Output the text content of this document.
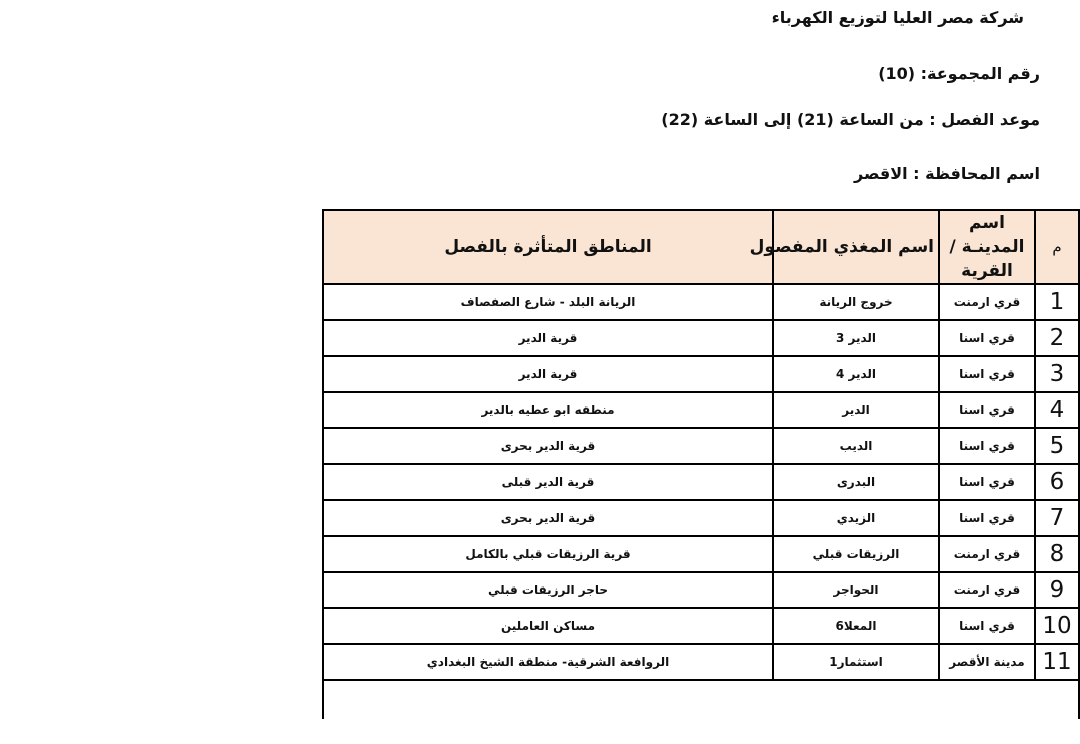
شركة مصر العليا لتوزيع الكهرباء
رقم المجموعة: (10)
موعد الفصل : من الساعة (21) إلى الساعة (22)
اسم المحافظة : الاقصر
م	اسم المدينـة / القرية	اسم المغذي المفصول	المناطق المتأثرة بالفصل
1	قري ارمنت	خروج الريانة	الريانة البلد - شارع الصفصاف
2	قري اسنا	الدير 3	قرية الدير
3	قري اسنا	الدير 4	قرية الدير
4	قري اسنا	الدير	منطقه ابو عطيه بالدير
5	قري اسنا	الديب	قرية الدير بحرى
6	قري اسنا	البدرى	قرية الدير قبلى
7	قري اسنا	الزيدي	قرية الدير بحرى
8	قري ارمنت	الرزيقات قبلي	قرية الرزيقات قبلي بالكامل
9	قري ارمنت	الحواجر	حاجر الرزيقات قبلي
10	قري اسنا	المعلا6	مساكن العاملين
11	مدينة الأقصر	استثمار1	الروافعة الشرقية- منطقة الشيخ البغدادي
